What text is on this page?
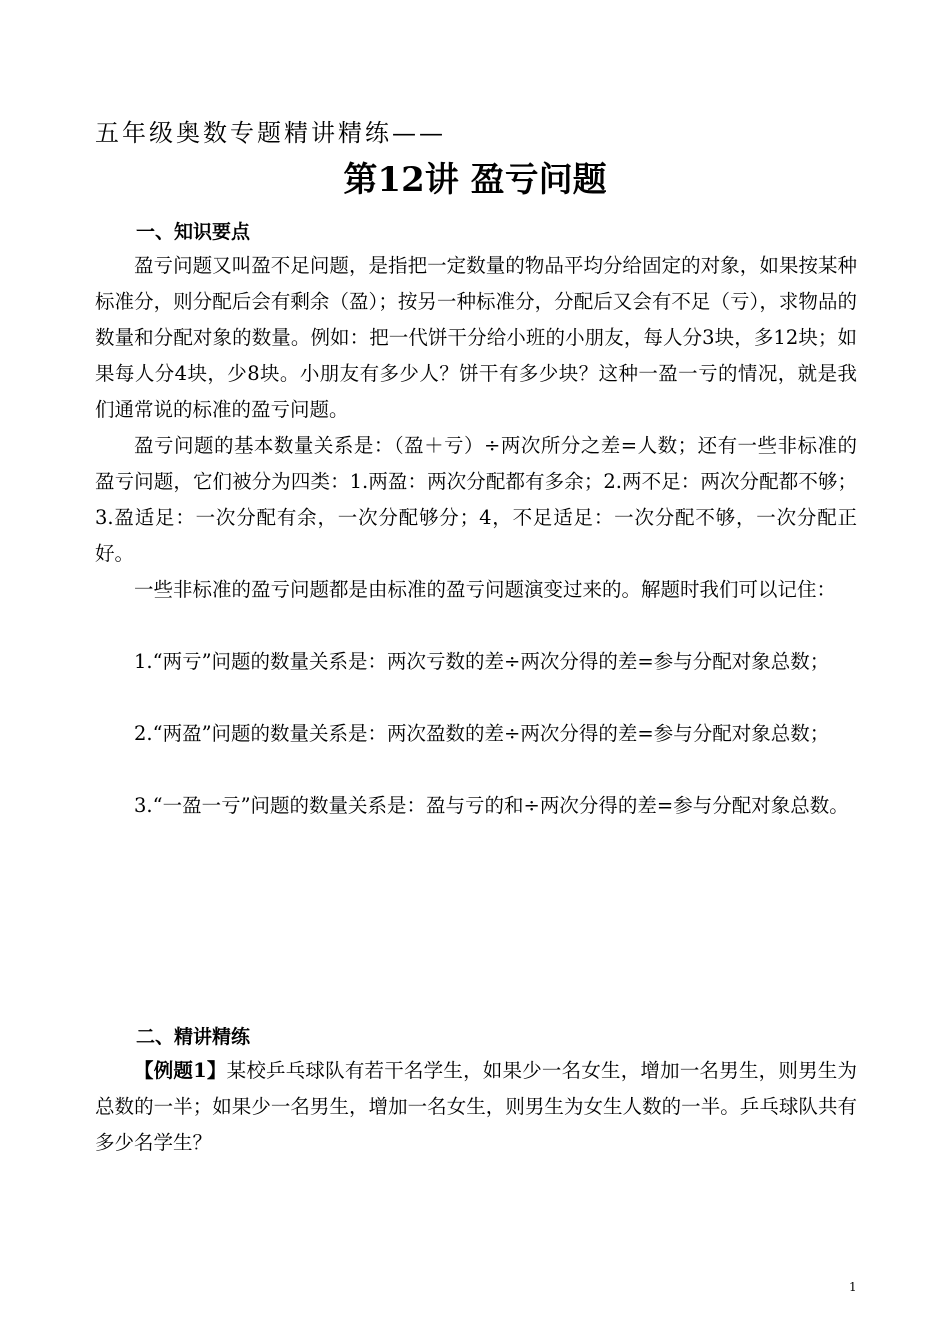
五年级奥数专题精讲精练——
第12讲 盈亏问题
一、知识要点

盈亏问题又叫盈不足问题，是指把一定数量的物品平均分给固定的对象，如果按某种标准分，则分配后会有剩余（盈）；按另一种标准分，分配后又会有不足（亏），求物品的数量和分配对象的数量。例如：把一代饼干分给小班的小朋友，每人分3块，多12块；如果每人分4块，少8块。小朋友有多少人？饼干有多少块？这种一盈一亏的情况，就是我们通常说的标准的盈亏问题。

盈亏问题的基本数量关系是：（盈＋亏）÷两次所分之差=人数；还有一些非标准的盈亏问题，它们被分为四类：1.两盈：两次分配都有多余；2.两不足：两次分配都不够；3.盈适足：一次分配有余，一次分配够分；4，不足适足：一次分配不够，一次分配正好。

一些非标准的盈亏问题都是由标准的盈亏问题演变过来的。解题时我们可以记住：

1.“两亏”问题的数量关系是：两次亏数的差÷两次分得的差=参与分配对象总数；

2.“两盈”问题的数量关系是：两次盈数的差÷两次分得的差=参与分配对象总数；

3.“一盈一亏”问题的数量关系是：盈与亏的和÷两次分得的差=参与分配对象总数。

二、精讲精练

【例题1】某校乒乓球队有若干名学生，如果少一名女生，增加一名男生，则男生为总数的一半；如果少一名男生，增加一名女生，则男生为女生人数的一半。乒乓球队共有多少名学生？

1
